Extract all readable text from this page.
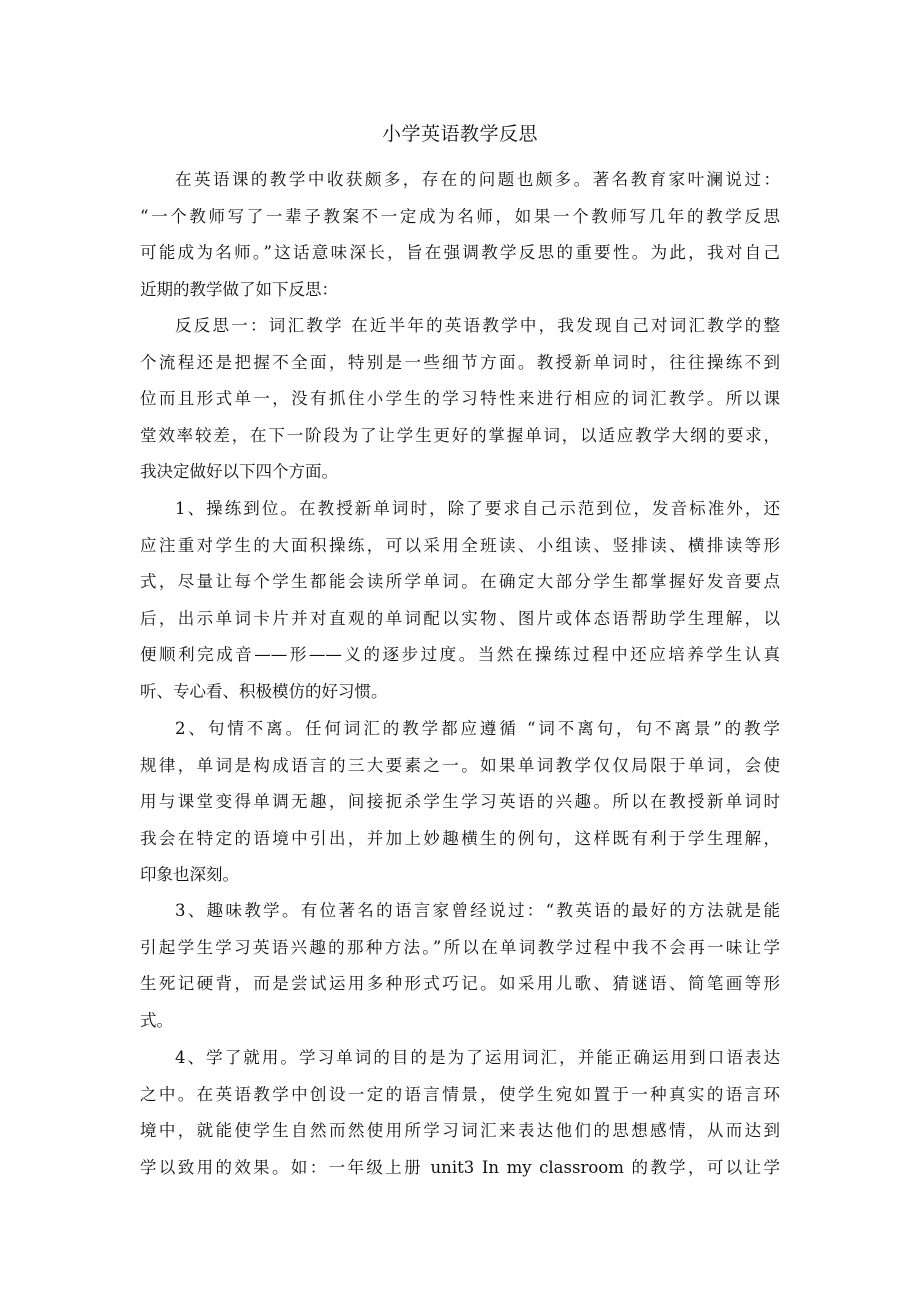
小学英语教学反思
在英语课的教学中收获颇多，存在的问题也颇多。著名教育家叶澜说过：
“一个教师写了一辈子教案不一定成为名师，如果一个教师写几年的教学反思
可能成为名师。”这话意味深长，旨在强调教学反思的重要性。为此，我对自己
近期的教学做了如下反思：
反反思一：词汇教学 在近半年的英语教学中，我发现自己对词汇教学的整
个流程还是把握不全面，特别是一些细节方面。教授新单词时，往往操练不到
位而且形式单一，没有抓住小学生的学习特性来进行相应的词汇教学。所以课
堂效率较差，在下一阶段为了让学生更好的掌握单词，以适应教学大纲的要求，
我决定做好以下四个方面。
1、操练到位。在教授新单词时，除了要求自己示范到位，发音标准外，还
应注重对学生的大面积操练，可以采用全班读、小组读、竖排读、横排读等形
式，尽量让每个学生都能会读所学单词。在确定大部分学生都掌握好发音要点
后，出示单词卡片并对直观的单词配以实物、图片或体态语帮助学生理解，以
便顺利完成音——形——义的逐步过度。当然在操练过程中还应培养学生认真
听、专心看、积极模仿的好习惯。
2、句情不离。任何词汇的教学都应遵循 “词不离句，句不离景”的教学
规律，单词是构成语言的三大要素之一。如果单词教学仅仅局限于单词，会使
用与课堂变得单调无趣，间接扼杀学生学习英语的兴趣。所以在教授新单词时
我会在特定的语境中引出，并加上妙趣横生的例句，这样既有利于学生理解，
印象也深刻。
3、趣味教学。有位著名的语言家曾经说过：“教英语的最好的方法就是能
引起学生学习英语兴趣的那种方法。”所以在单词教学过程中我不会再一味让学
生死记硬背，而是尝试运用多种形式巧记。如采用儿歌、猜谜语、简笔画等形
式。
4、学了就用。学习单词的目的是为了运用词汇，并能正确运用到口语表达
之中。在英语教学中创设一定的语言情景，使学生宛如置于一种真实的语言环
境中，就能使学生自然而然使用所学习词汇来表达他们的思想感情，从而达到
学以致用的效果。如：一年级上册 unit3 In my classroom 的教学，可以让学
